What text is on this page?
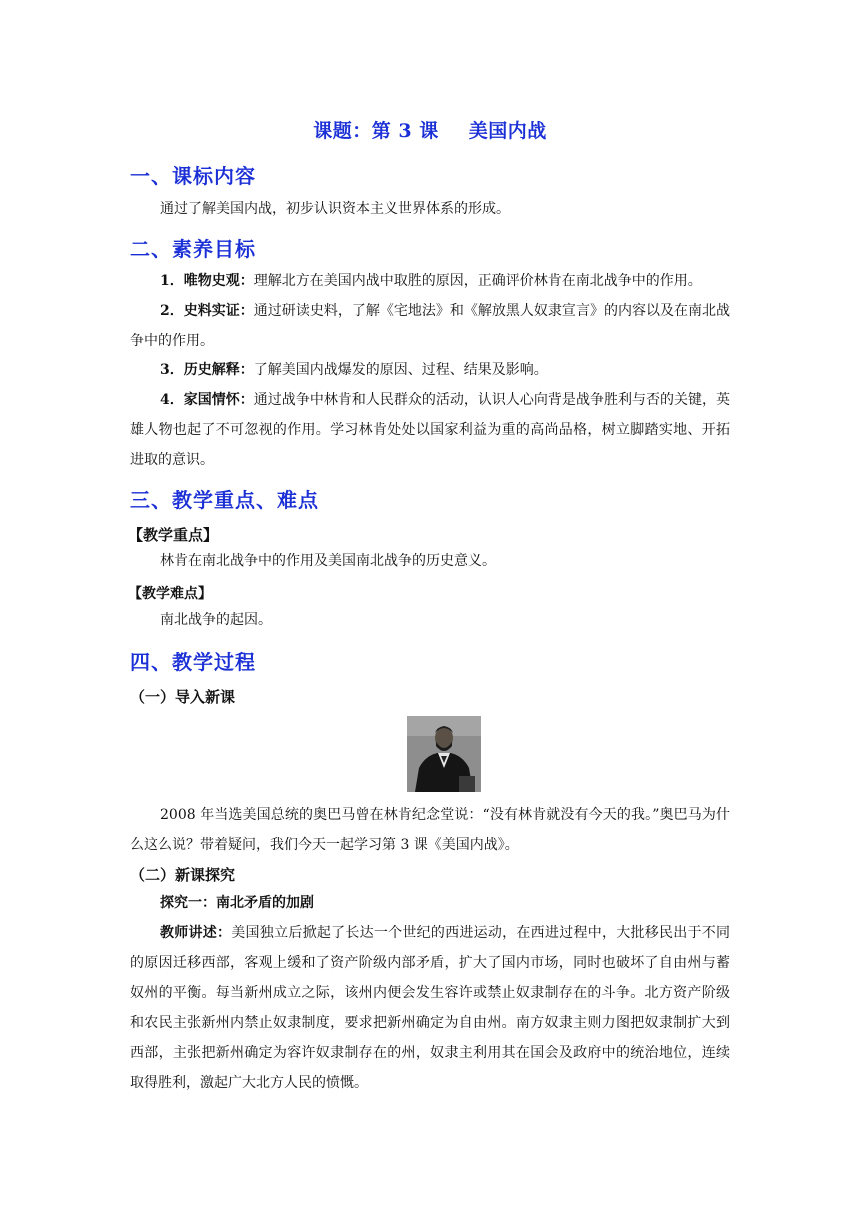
课题：第 3 课 美国内战
一、课标内容
通过了解美国内战，初步认识资本主义世界体系的形成。
二、素养目标
1．唯物史观：理解北方在美国内战中取胜的原因，正确评价林肯在南北战争中的作用。
2．史料实证：通过研读史料，了解《宅地法》和《解放黑人奴隶宣言》的内容以及在南北战争中的作用。
3．历史解释：了解美国内战爆发的原因、过程、结果及影响。
4．家国情怀：通过战争中林肯和人民群众的活动，认识人心向背是战争胜利与否的关键，英雄人物也起了不可忽视的作用。学习林肯处处以国家利益为重的高尚品格，树立脚踏实地、开拓进取的意识。
三、教学重点、难点
【教学重点】
林肯在南北战争中的作用及美国南北战争的历史意义。
【教学难点】
南北战争的起因。
四、教学过程
（一）导入新课
2008 年当选美国总统的奥巴马曾在林肯纪念堂说：“没有林肯就没有今天的我。”奥巴马为什么这么说？带着疑问，我们今天一起学习第 3 课《美国内战》。
（二）新课探究
探究一：南北矛盾的加剧
教师讲述：美国独立后掀起了长达一个世纪的西进运动，在西进过程中，大批移民出于不同的原因迁移西部，客观上缓和了资产阶级内部矛盾，扩大了国内市场，同时也破坏了自由州与蓄奴州的平衡。每当新州成立之际，该州内便会发生容许或禁止奴隶制存在的斗争。北方资产阶级和农民主张新州内禁止奴隶制度，要求把新州确定为自由州。南方奴隶主则力图把奴隶制扩大到西部，主张把新州确定为容许奴隶制存在的州，奴隶主利用其在国会及政府中的统治地位，连续取得胜利，激起广大北方人民的愤慨。
